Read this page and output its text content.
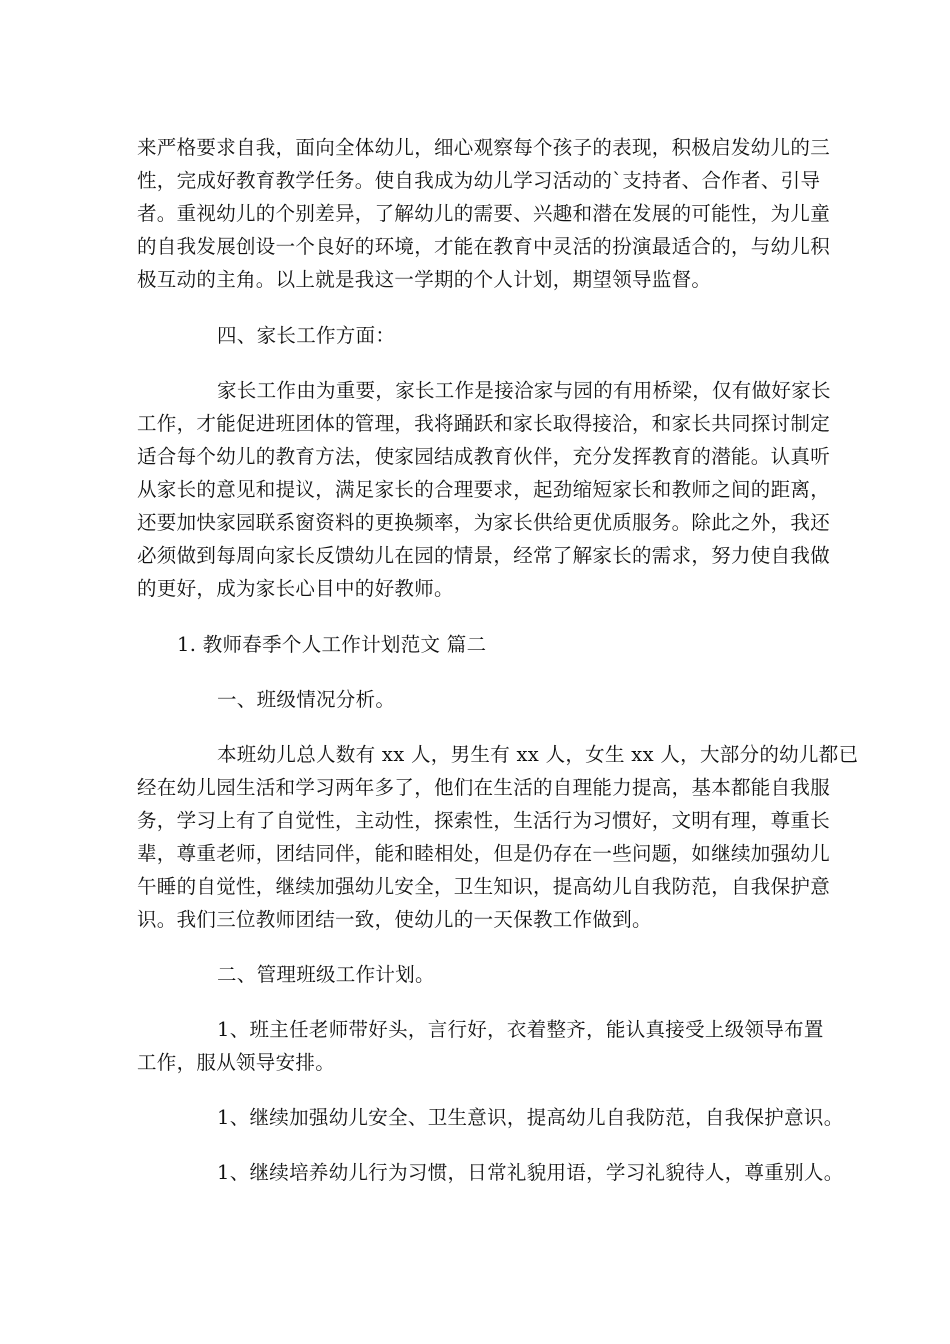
来严格要求自我，面向全体幼儿，细心观察每个孩子的表现，积极启发幼儿的三
性，完成好教育教学任务。使自我成为幼儿学习活动的`支持者、合作者、引导
者。重视幼儿的个别差异，了解幼儿的需要、兴趣和潜在发展的可能性，为儿童
的自我发展创设一个良好的环境，才能在教育中灵活的扮演最适合的，与幼儿积
极互动的主角。以上就是我这一学期的个人计划，期望领导监督。
四、家长工作方面：
家长工作由为重要，家长工作是接洽家与园的有用桥梁，仅有做好家长
工作，才能促进班团体的管理，我将踊跃和家长取得接洽，和家长共同探讨制定
适合每个幼儿的教育方法，使家园结成教育伙伴，充分发挥教育的潜能。认真听
从家长的意见和提议，满足家长的合理要求，起劲缩短家长和教师之间的距离，
还要加快家园联系窗资料的更换频率，为家长供给更优质服务。除此之外，我还
必须做到每周向家长反馈幼儿在园的情景，经常了解家长的需求，努力使自我做
的更好，成为家长心目中的好教师。
1. 教师春季个人工作计划范文 篇二
一、班级情况分析。
本班幼儿总人数有 xx 人，男生有 xx 人，女生 xx 人，大部分的幼儿都已
经在幼儿园生活和学习两年多了，他们在生活的自理能力提高，基本都能自我服
务，学习上有了自觉性，主动性，探索性，生活行为习惯好，文明有理，尊重长
辈，尊重老师，团结同伴，能和睦相处，但是仍存在一些问题，如继续加强幼儿
午睡的自觉性，继续加强幼儿安全，卫生知识，提高幼儿自我防范，自我保护意
识。我们三位教师团结一致，使幼儿的一天保教工作做到。
二、管理班级工作计划。
1、班主任老师带好头，言行好，衣着整齐，能认真接受上级领导布置
工作，服从领导安排。
1、继续加强幼儿安全、卫生意识，提高幼儿自我防范，自我保护意识。
1、继续培养幼儿行为习惯，日常礼貌用语，学习礼貌待人，尊重别人。
